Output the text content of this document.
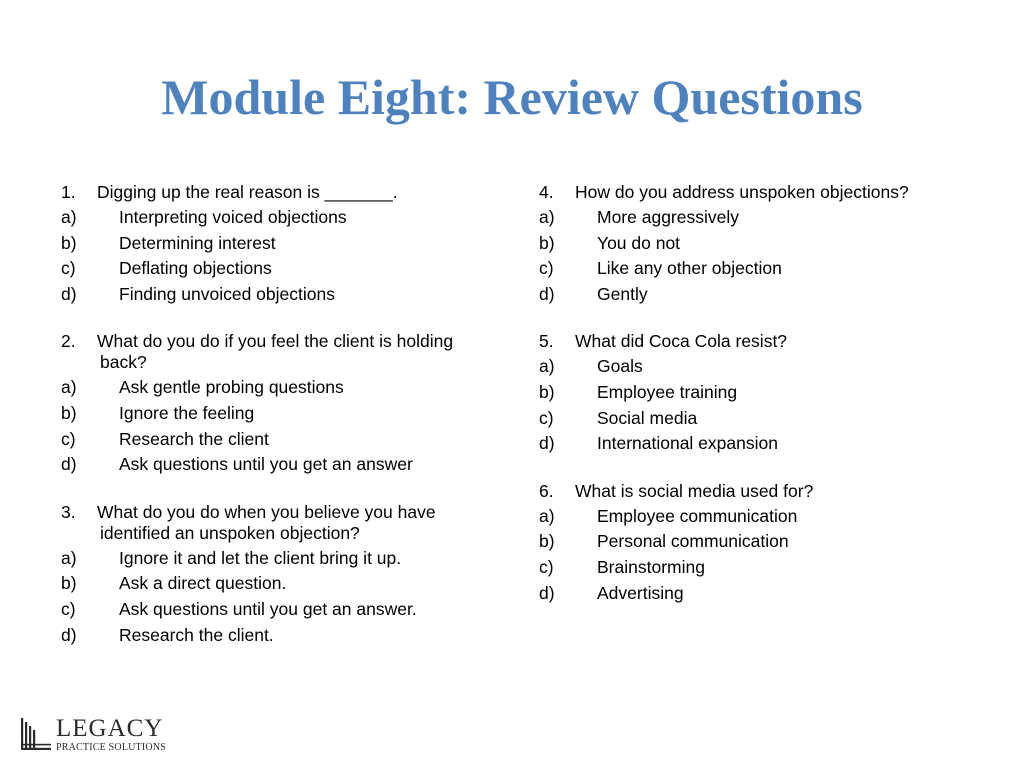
Module Eight: Review Questions
1.	Digging up the real reason is _______.
a)	Interpreting voiced objections
b)	Determining interest
c)	Deflating objections
d)	Finding unvoiced objections
2.	What do you do if you feel the client is holding
back?
a)	Ask gentle probing questions
b)	Ignore the feeling
c)	Research the client
d)	Ask questions until you get an answer
3.	What do you do when you believe you have
identified an unspoken objection?
a)	Ignore it and let the client bring it up.
b)	Ask a direct question.
c)	Ask questions until you get an answer.
d)	Research the client.
4.	How do you address unspoken objections?
a)	More aggressively
b)	You do not
c)	Like any other objection
d)	Gently
5.	What did Coca Cola resist?
a)	Goals
b)	Employee training
c)	Social media
d)	International expansion
6.	What is social media used for?
a)	Employee communication
b)	Personal communication
c)	Brainstorming
d)	Advertising
LEGACY
PRACTICE SOLUTIONS
